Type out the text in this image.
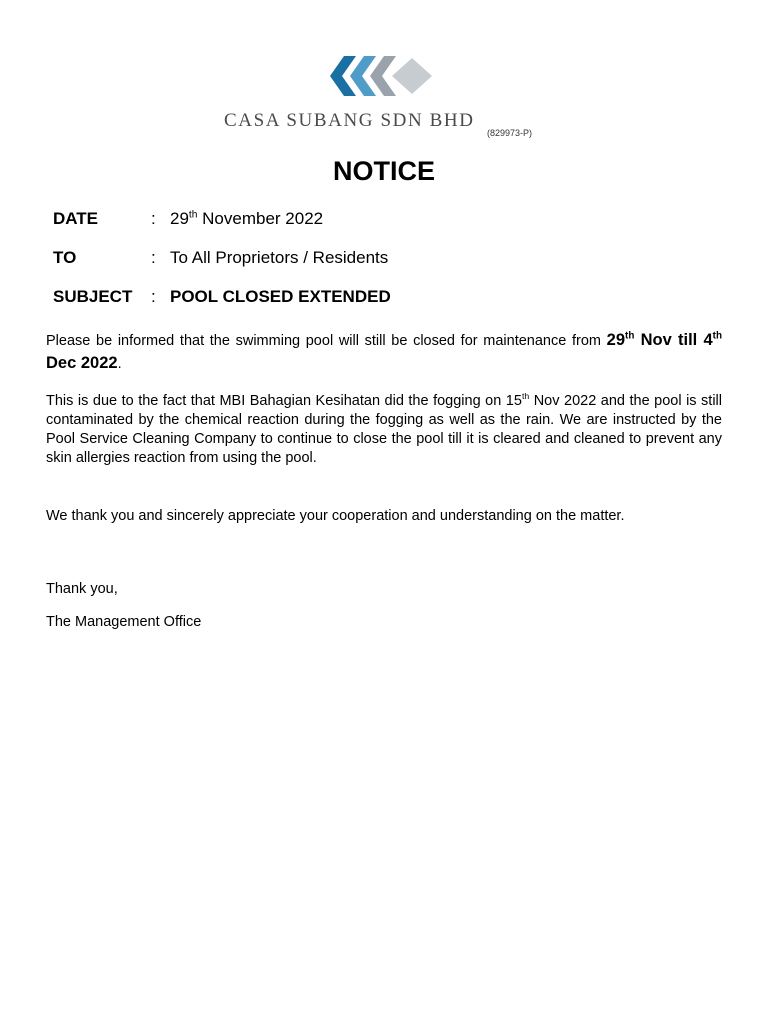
CASA SUBANG SDN BHD
(829973-P)
NOTICE
DATE	: 29th November 2022
TO	: To All Proprietors / Residents
SUBJECT : POOL CLOSED EXTENDED

Please be informed that the swimming pool will still be closed for maintenance from 29th Nov till 4th Dec 2022.

This is due to the fact that MBI Bahagian Kesihatan did the fogging on 15th Nov 2022 and the pool is still contaminated by the chemical reaction during the fogging as well as the rain. We are instructed by the Pool Service Cleaning Company to continue to close the pool till it is cleared and cleaned to prevent any skin allergies reaction from using the pool.

We thank you and sincerely appreciate your cooperation and understanding on the matter.

Thank you,

The Management Office
